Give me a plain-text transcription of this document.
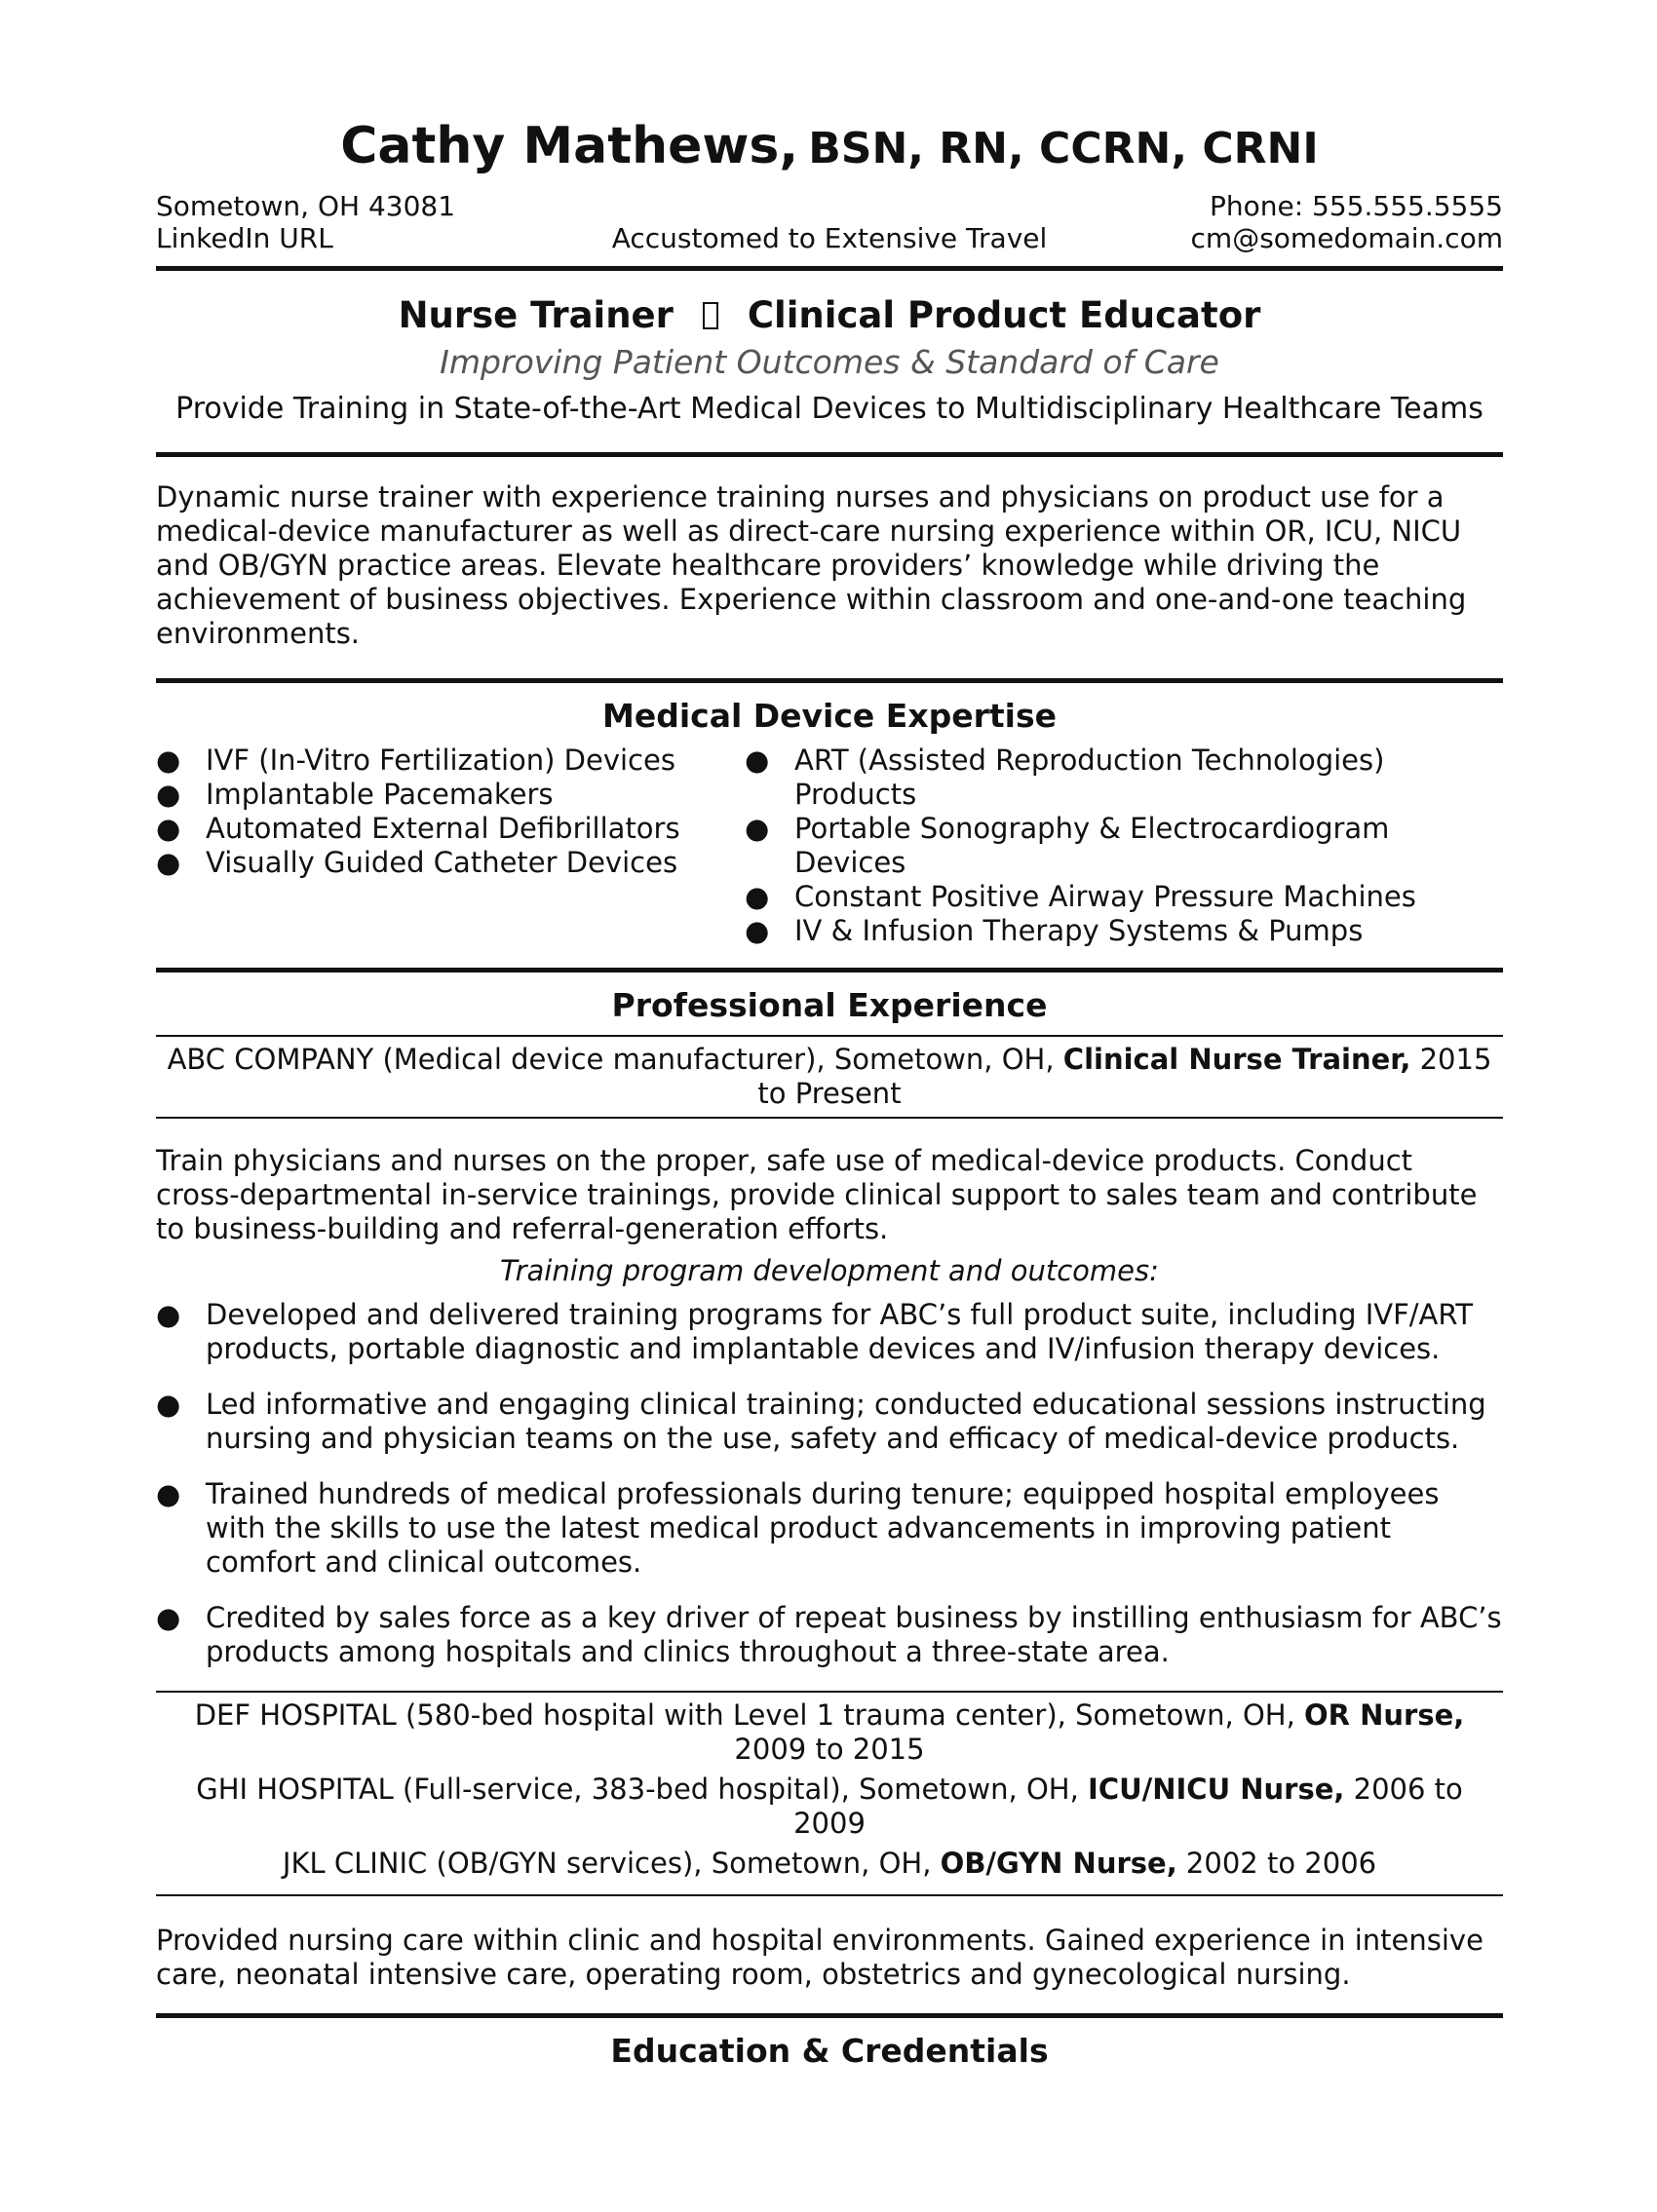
Cathy Mathews, BSN, RN, CCRN, CRNI
Sometown, OH 43081
LinkedIn URL	Accustomed to Extensive Travel
Phone: 555.555.5555
cm@somedomain.com
Nurse Trainer Clinical Product Educator
Improving Patient Outcomes & Standard of Care
Provide Training in State-of-the-Art Medical Devices to Multidisciplinary Healthcare Teams
Dynamic nurse trainer with experience training nurses and physicians on product use for a medical-device manufacturer as well as direct-care nursing experience within OR, ICU, NICU and OB/GYN practice areas. Elevate healthcare providers’ knowledge while driving the achievement of business objectives. Experience within classroom and one-and-one teaching environments.
Medical Device Expertise
● IVF (In-Vitro Fertilization) Devices
● Implantable Pacemakers
● Automated External Defibrillators
● Visually Guided Catheter Devices
● ART (Assisted Reproduction Technologies) Products
● Portable Sonography & Electrocardiogram Devices
● Constant Positive Airway Pressure Machines
● IV & Infusion Therapy Systems & Pumps
Professional Experience
ABC COMPANY (Medical device manufacturer), Sometown, OH, Clinical Nurse Trainer, 2015 to Present
Train physicians and nurses on the proper, safe use of medical-device products. Conduct cross-departmental in-service trainings, provide clinical support to sales team and contribute to business-building and referral-generation efforts.
Training program development and outcomes:
● Developed and delivered training programs for ABC’s full product suite, including IVF/ART products, portable diagnostic and implantable devices and IV/infusion therapy devices.
● Led informative and engaging clinical training; conducted educational sessions instructing nursing and physician teams on the use, safety and efficacy of medical-device products.
● Trained hundreds of medical professionals during tenure; equipped hospital employees with the skills to use the latest medical product advancements in improving patient comfort and clinical outcomes.
● Credited by sales force as a key driver of repeat business by instilling enthusiasm for ABC’s products among hospitals and clinics throughout a three-state area.
DEF HOSPITAL (580-bed hospital with Level 1 trauma center), Sometown, OH, OR Nurse, 2009 to 2015
GHI HOSPITAL (Full-service, 383-bed hospital), Sometown, OH, ICU/NICU Nurse, 2006 to 2009
JKL CLINIC (OB/GYN services), Sometown, OH, OB/GYN Nurse, 2002 to 2006
Provided nursing care within clinic and hospital environments. Gained experience in intensive care, neonatal intensive care, operating room, obstetrics and gynecological nursing.
Education & Credentials
